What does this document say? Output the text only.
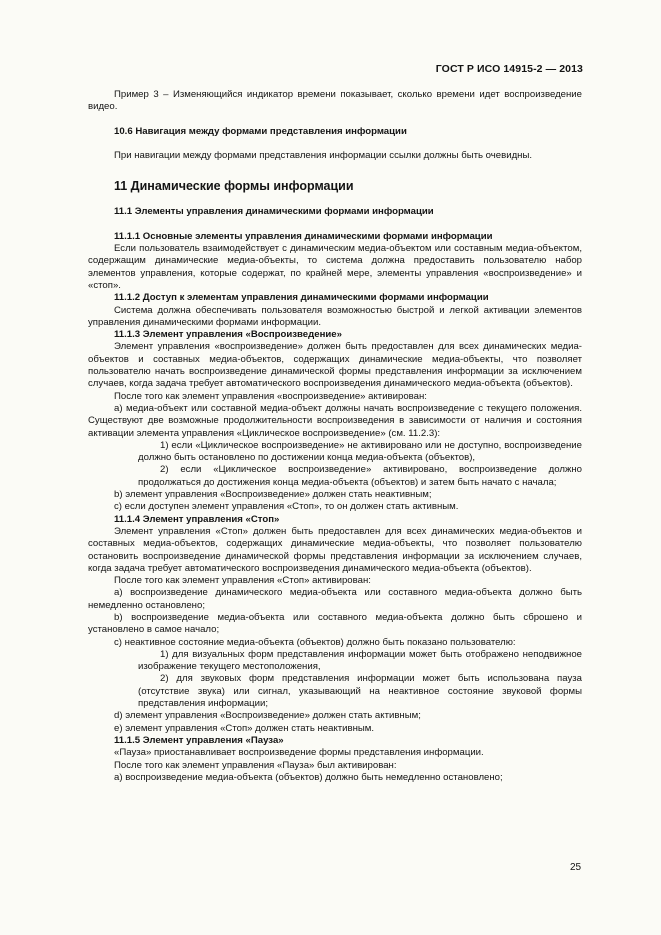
ГОСТ Р ИСО 14915-2 — 2013

Пример 3 – Изменяющийся индикатор времени показывает, сколько времени идет воспроизведение видео.

10.6 Навигация между формами представления информации

При навигации между формами представления информации ссылки должны быть очевидны.

11 Динамические формы информации

11.1 Элементы управления динамическими формами информации

11.1.1 Основные элементы управления динамическими формами информации

Если пользователь взаимодействует с динамическим медиа-объектом или составным медиа-объектом, содержащим динамические медиа-объекты, то система должна предоставить пользователю набор элементов управления, которые содержат, по крайней мере, элементы управления «воспроизведение» и «стоп».

11.1.2 Доступ к элементам управления динамическими формами информации

Система должна обеспечивать пользователя возможностью быстрой и легкой активации элементов управления динамическими формами информации.

11.1.3 Элемент управления «Воспроизведение»

Элемент управления «воспроизведение» должен быть предоставлен для всех динамических медиа-объектов и составных медиа-объектов, содержащих динамические медиа-объекты, что позволяет пользователю начать воспроизведение динамической формы представления информации за исключением случаев, когда задача требует автоматического воспроизведения динамического медиа-объекта (объектов).

После того как элемент управления «воспроизведение» активирован:

а) медиа-объект или составной медиа-объект должны начать воспроизведение с текущего положения. Существуют две возможные продолжительности воспроизведения в зависимости от наличия и состояния активации элемента управления «Циклическое воспроизведение» (см. 11.2.3):

1) если «Циклическое воспроизведение» не активировано или не доступно, воспроизведение должно быть остановлено по достижении конца медиа-объекта (объектов),

2) если «Циклическое воспроизведение» активировано, воспроизведение должно продолжаться до достижения конца медиа-объекта (объектов) и затем быть начато с начала;

b) элемент управления «Воспроизведение» должен стать неактивным;

c) если доступен элемент управления «Стоп», то он должен стать активным.

11.1.4 Элемент управления «Стоп»

Элемент управления «Стоп» должен быть предоставлен для всех динамических медиа-объектов и составных медиа-объектов, содержащих динамические медиа-объекты, что позволяет пользователю остановить воспроизведение динамической формы представления информации за исключением случаев, когда задача требует автоматического воспроизведения динамического медиа-объекта (объектов).

После того как элемент управления «Стоп» активирован:

а) воспроизведение динамического медиа-объекта или составного медиа-объекта должно быть немедленно остановлено;

b) воспроизведение медиа-объекта или составного медиа-объекта должно быть сброшено и установлено в самое начало;

c) неактивное состояние медиа-объекта (объектов) должно быть показано пользователю:

1) для визуальных форм представления информации может быть отображено неподвижное изображение текущего местоположения,

2) для звуковых форм представления информации может быть использована пауза (отсутствие звука) или сигнал, указывающий на неактивное состояние звуковой формы представления информации;

d) элемент управления «Воспроизведение» должен стать активным;

e) элемент управления «Стоп» должен стать неактивным.

11.1.5 Элемент управления «Пауза»

«Пауза» приостанавливает воспроизведение формы представления информации.

После того как элемент управления «Пауза» был активирован:

а) воспроизведение медиа-объекта (объектов) должно быть немедленно остановлено;

25
